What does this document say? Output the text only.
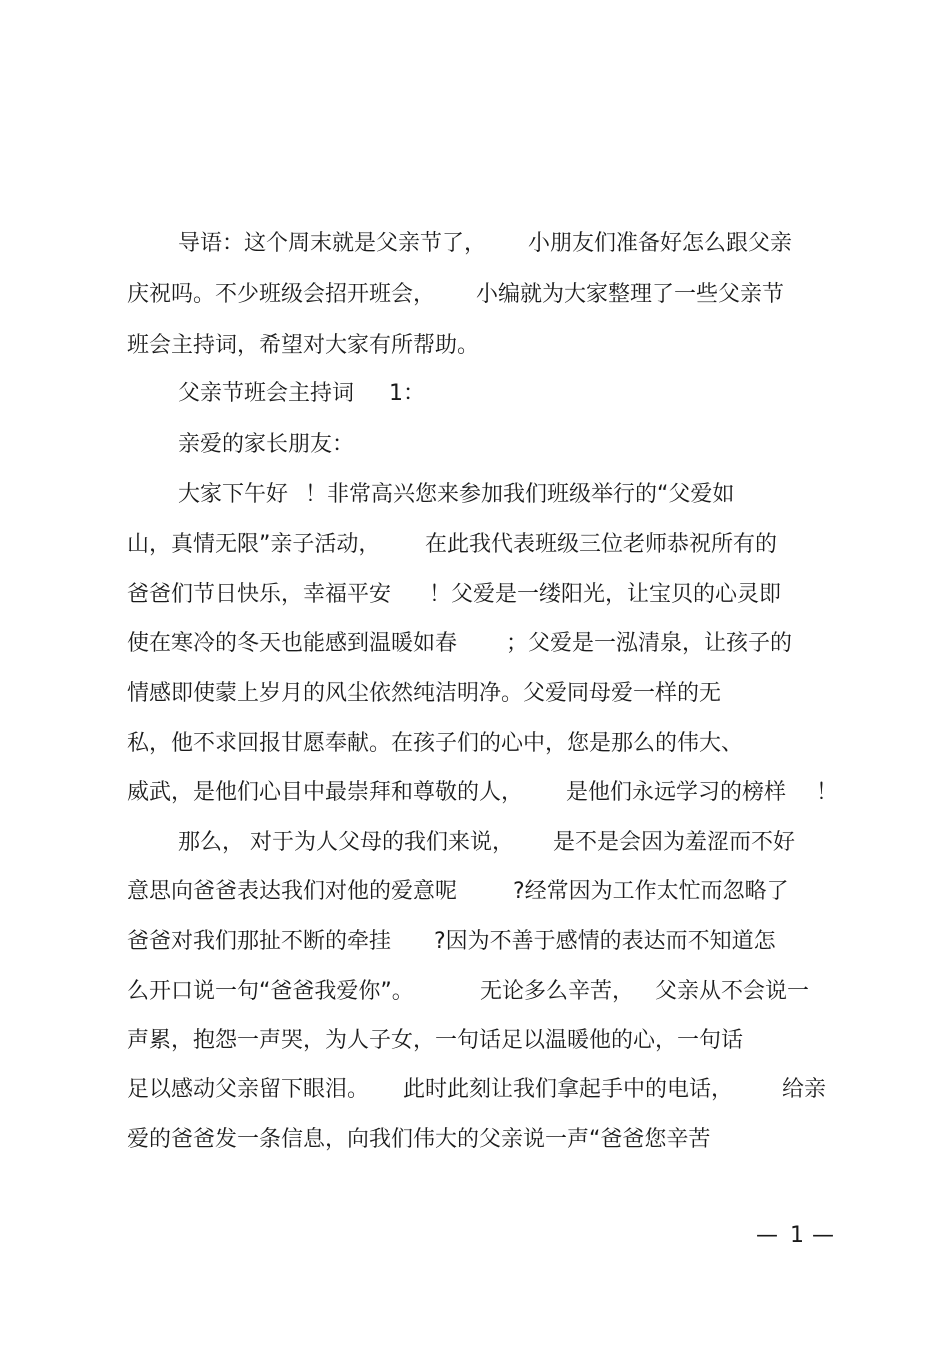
导语：这个周末就是父亲节了， 小朋友们准备好怎么跟父亲
庆祝吗。不少班级会招开班会， 小编就为大家整理了一些父亲节
班会主持词，希望对大家有所帮助。
父亲节班会主持词 1：
亲爱的家长朋友：
大家下午好 ！非常高兴您来参加我们班级举行的“父爱如
山，真情无限”亲子活动， 在此我代表班级三位老师恭祝所有的
爸爸们节日快乐，幸福平安 ！父爱是一缕阳光，让宝贝的心灵即
使在寒冷的冬天也能感到温暖如春 ；父爱是一泓清泉，让孩子的
情感即使蒙上岁月的风尘依然纯洁明净。父爱同母爱一样的无
私，他不求回报甘愿奉献。在孩子们的心中，您是那么的伟大、
威武，是他们心目中最崇拜和尊敬的人， 是他们永远学习的榜样 ！
那么， 对于为人父母的我们来说， 是不是会因为羞涩而不好
意思向爸爸表达我们对他的爱意呢	?经常因为工作太忙而忽略了
爸爸对我们那扯不断的牵挂 ?因为不善于感情的表达而不知道怎
么开口说一句“爸爸我爱你”。	无论多么辛苦， 父亲从不会说一
声累，抱怨一声哭，为人子女，一句话足以温暖他的心，一句话
足以感动父亲留下眼泪。 此时此刻让我们拿起手中的电话， 给亲
爱的爸爸发一条信息，向我们伟大的父亲说一声“爸爸您辛苦
— 1 —
